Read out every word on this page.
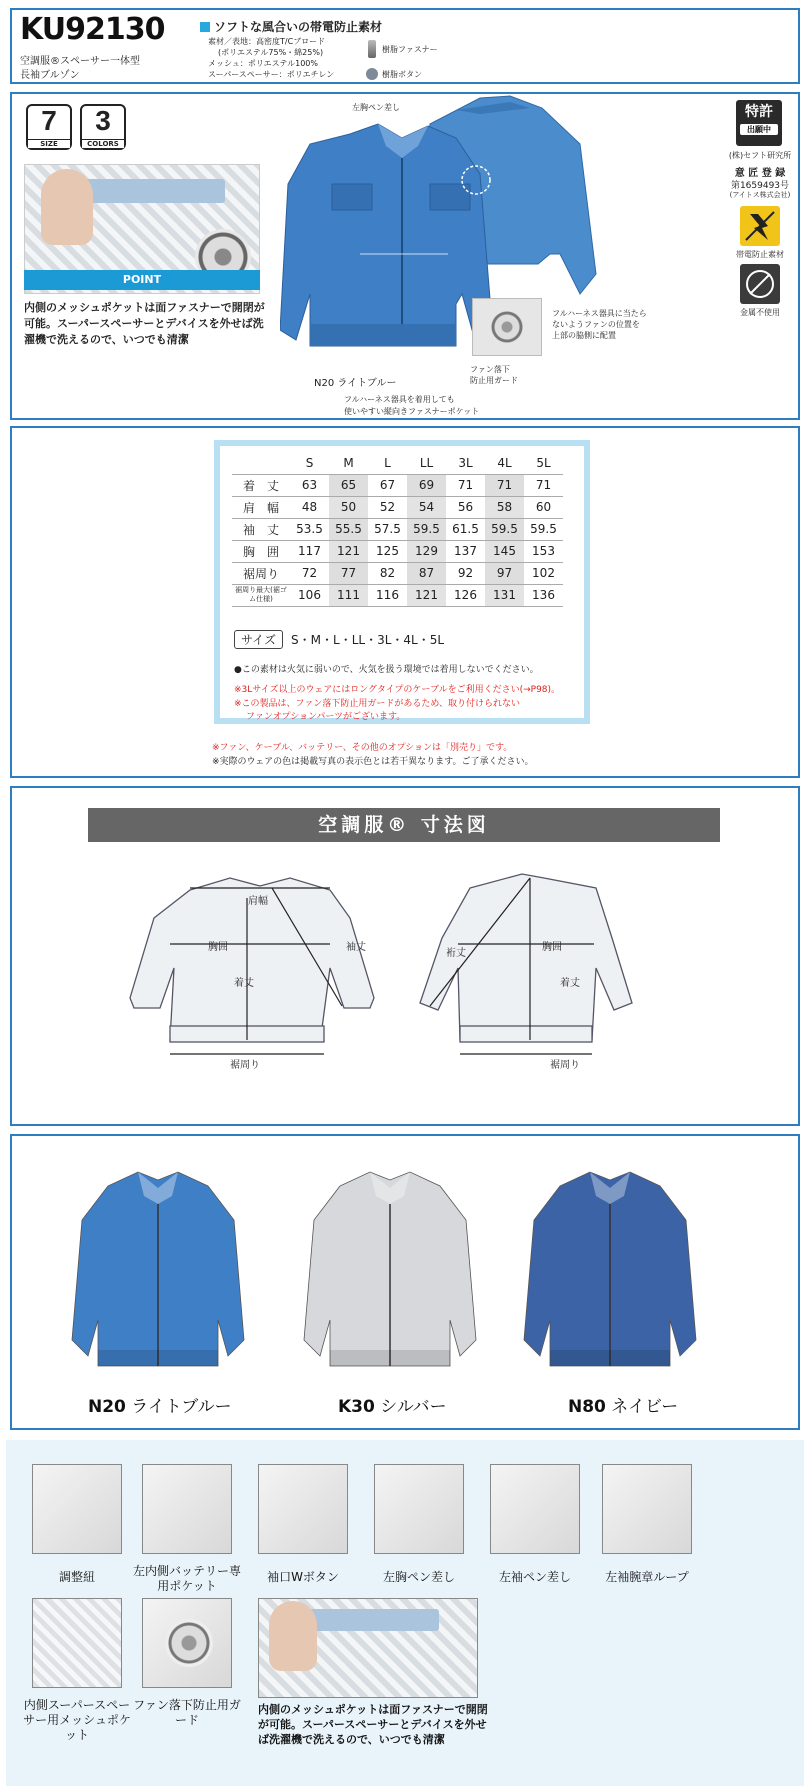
KU92130
空調服®スペーサー一体型
長袖ブルゾン
ソフトな風合いの帯電防止素材
素材／表地：高密度T/Cブロード
(ポリエステル75%・綿25%)
メッシュ：ポリエステル100%
スーパースペーサー：ポリエチレン
樹脂ファスナー
樹脂ボタン
7
SIZE
3
COLORS
POINT
内側のメッシュポケットは面ファスナーで開閉が可能。スーパースペーサーとデバイスを外せば洗濯機で洗えるので、いつでも清潔
左胸ペン差し
N20 ライトブルー
フルハーネス器具を着用しても
使いやすい縦向きファスナーポケット
ファン落下
防止用ガード
フルハーネス器具に当たら
ないようファンの位置を
上部の脇側に配置
特許
出願中
(株)セフト研究所
意 匠 登 録
第1659493号
(アイトス株式会社)
帯電防止素材
金属不使用
	S	M	L	LL	3L	4L	5L
着　丈	63	65	67	69	71	71	71
肩　幅	48	50	52	54	56	58	60
袖　丈	53.5	55.5	57.5	59.5	61.5	59.5	59.5
胸　囲	117	121	125	129	137	145	153
裾周り	72	77	82	87	92	97	102
裾周り最大(裾ゴム仕様)	106	111	116	121	126	131	136
サイズ S・M・L・LL・3L・4L・5L
●この素材は火気に弱いので、火気を扱う環境では着用しないでください。
※3Lサイズ以上のウェアにはロングタイプのケーブルをご利用ください(→P98)。
※この製品は、ファン落下防止用ガードがあるため、取り付けられない
ファンオプションパーツがございます。
※ファン、ケーブル、バッテリー、その他のオプションは「別売り」です。
※実際のウェアの色は掲載写真の表示色とは若干異なります。ご了承ください。
空調服® 寸法図
肩幅
胸囲
着丈
袖丈
裾周り
裄丈
胸囲
着丈
裾周り
N20 ライトブルー	K30 シルバー	N80 ネイビー
調整紐	左内側バッテリー専用ポケット
袖口Wボタン	左胸ペン差し	左袖ペン差し	左袖腕章ループ
内側スーパースペーサー用メッシュポケット
ファン落下防止用ガード
内側のメッシュポケットは面ファスナーで開閉が可能。スーパースペーサーとデバイスを外せば洗濯機で洗えるので、いつでも清潔
